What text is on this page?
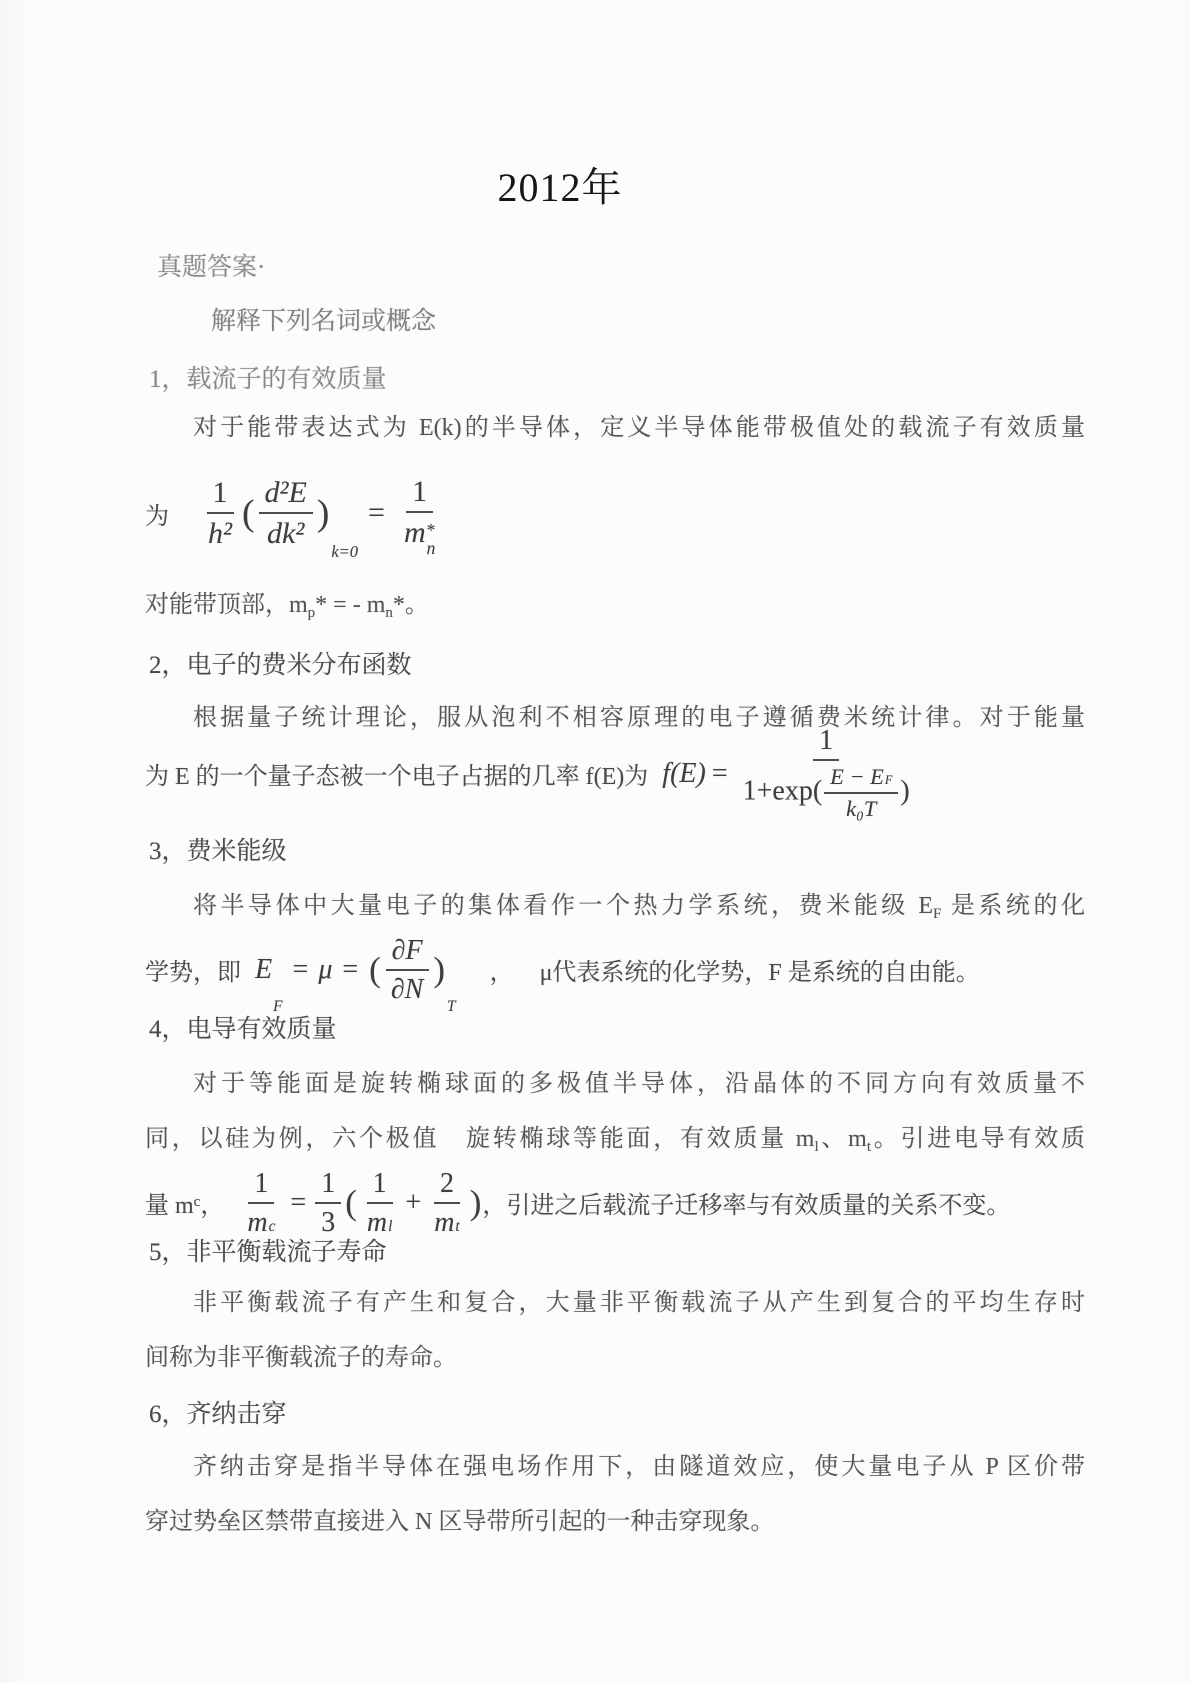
2012年
真题答案·
解释下列名词或概念
1，载流子的有效质量
对于能带表达式为 E(k)的半导体，定义半导体能带极值处的载流子有效质量
为 $\frac{1}{\text{h²}}$ ( $\frac{\text{d²E}}{\text{dk²}}$ )
k=0
= 1
m *
n
对能带顶部，$m_p*$ = - $m_n*$。
2，电子的费米分布函数
根据量子统计理论，服从泡利不相容原理的电子遵循费米统计律。对于能量
为 E 的一个量子态被一个电子占据的几率 f(E)为 $f(E) = \frac{1}{1+\exp( \frac{E - EF}{\text{k₀T}} )}$
3，费米能级
将半导体中大量电子的集体看作一个热力学系统，费米能级 $E_F$ 是系统的化
学势，即 E
F
= μ = ( $\frac{\partial F}{\partial N}$ )
T
， μ代表系统的化学势，F 是系统的自由能。
4，电导有效质量
对于等能面是旋转椭球面的多极值半导体，沿晶体的不同方向有效质量不
同，以硅为例，六个极值　旋转椭球等能面，有效质量 $m_l$、$m_t$。引进电导有效质
量 m c ， $\frac{1}{mc} = \frac{1}{3}$ ( $\frac{1}{ml} + \frac{2}{mt}$ ) ，引进之后载流子迁移率与有效质量的关系不变。
5，非平衡载流子寿命
非平衡载流子有产生和复合，大量非平衡载流子从产生到复合的平均生存时
间称为非平衡载流子的寿命。
6，齐纳击穿
齐纳击穿是指半导体在强电场作用下，由隧道效应，使大量电子从 P 区价带
穿过势垒区禁带直接进入 N 区导带所引起的一种击穿现象。
